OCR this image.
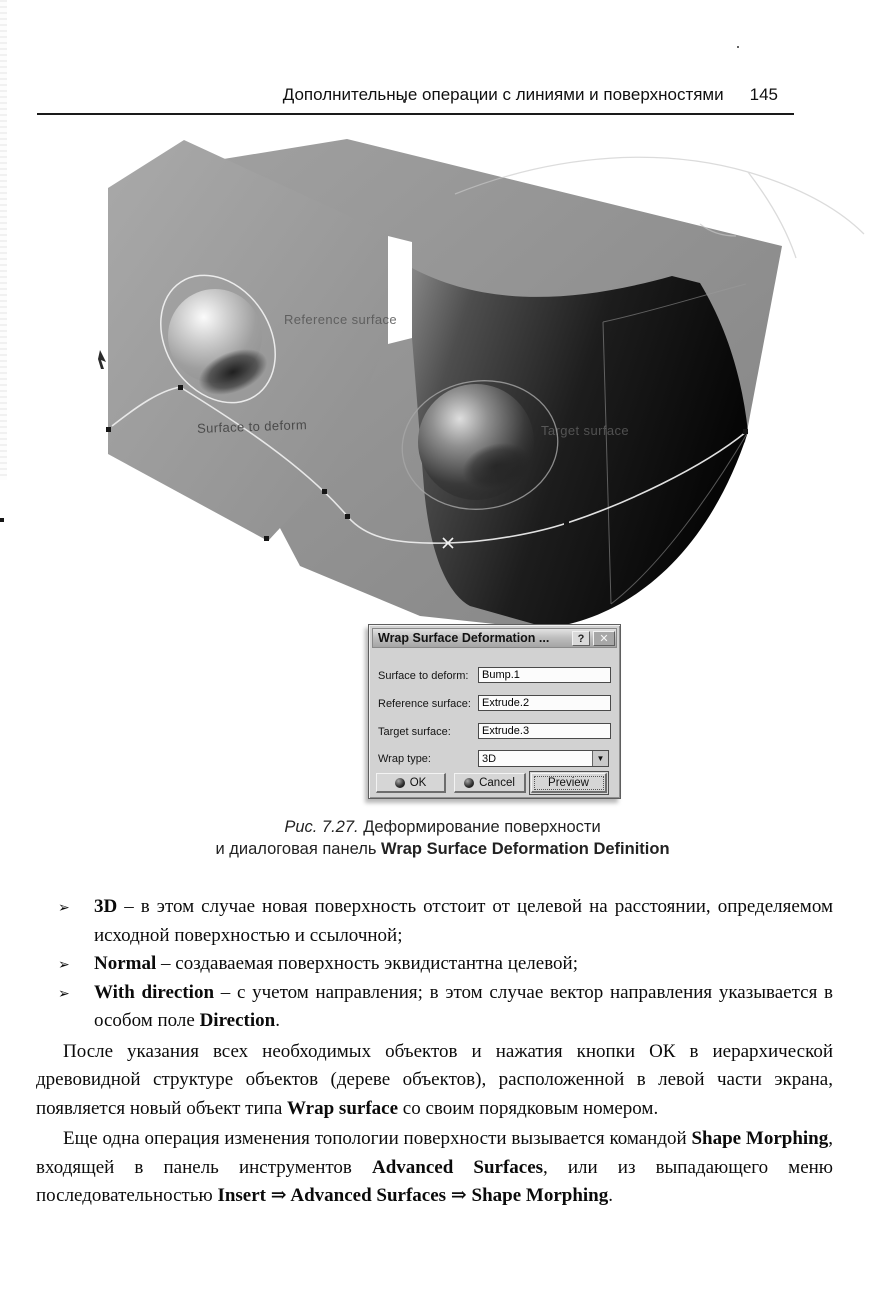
Дополнительные операции с линиями и поверхностями 145
Reference surface
Surface to deform	Target surface
Wrap Surface Deformation ...	?	✕
Surface to deform:
Bump.1
Reference surface:
Extrude.2
Target surface:
Extrude.3
Wrap type:	3D	▼
OK	Cancel	Preview
Рис. 7.27. Деформирование поверхности
и диалоговая панель Wrap Surface Deformation Definition
➢ 3D – в этом случае новая поверхность отстоит от целевой на расстоянии, определяемом исходной поверхностью и ссылочной;
➢ Normal – создаваемая поверхность эквидистантна целевой;
➢ With direction – с учетом направления; в этом случае вектор направления указывается в особом поле Direction.

После указания всех необходимых объектов и нажатия кнопки ОК в иерархической древовидной структуре объектов (дереве объектов), расположенной в левой части экрана, появляется новый объект типа Wrap surface со своим порядковым номером.

Еще одна операция изменения топологии поверхности вызывается командой Shape Morphing, входящей в панель инструментов Advanced Surfaces, или из выпадающего меню последовательностью Insert ⇒ Advanced Surfaces ⇒ Shape Morphing.
